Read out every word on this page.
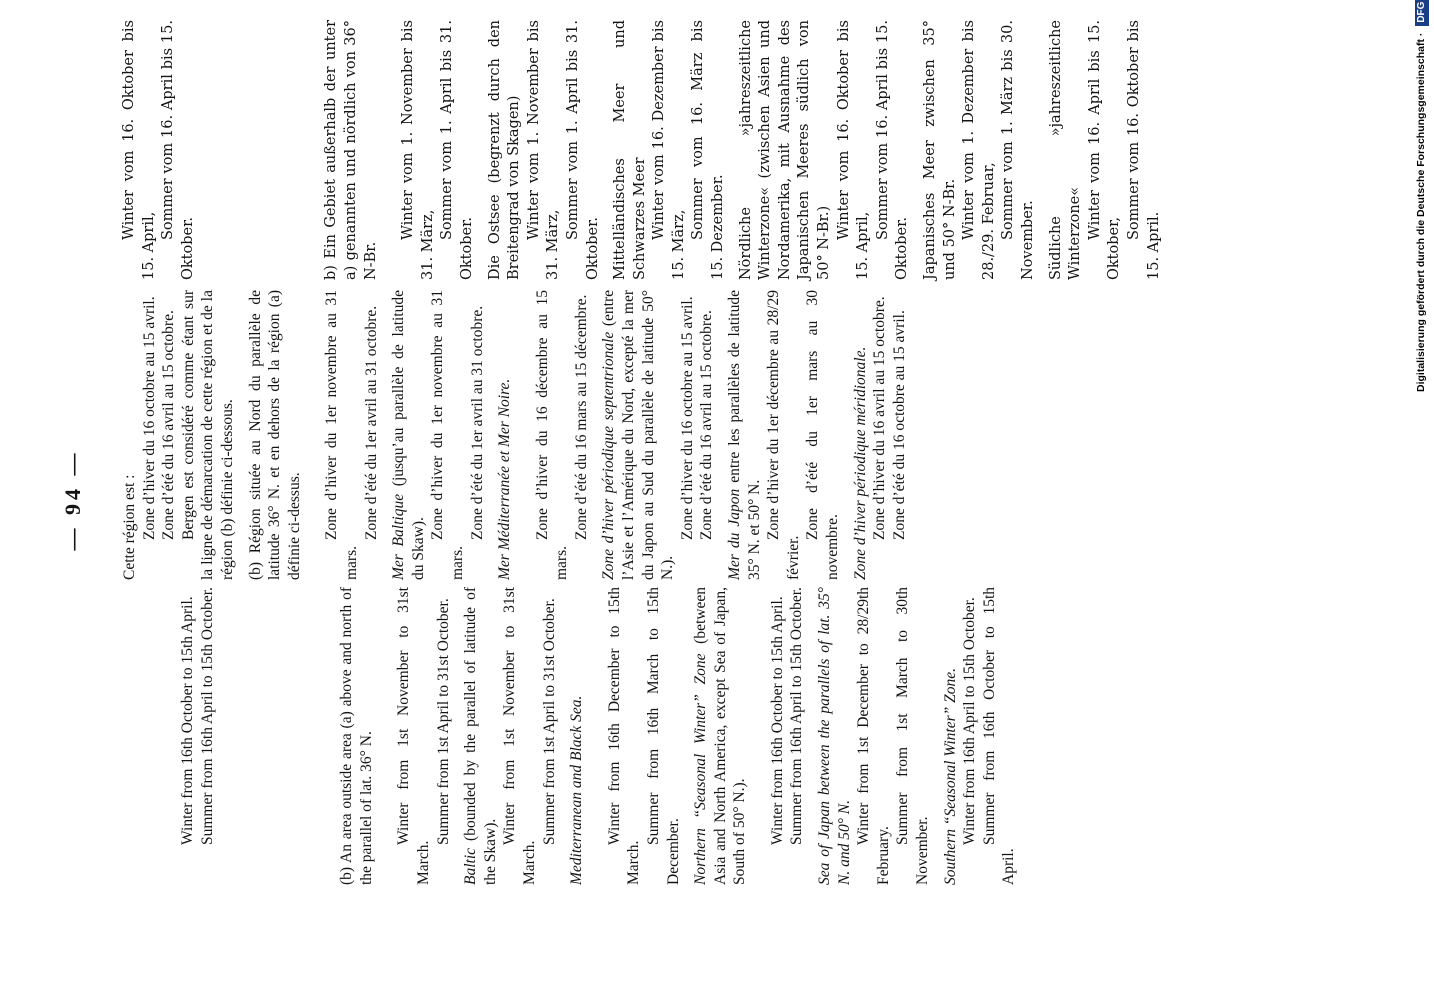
— 94 —

Winter from 16th October to 15th April. Summer from 16th April to 15th October.	(b) An area outside area (a) above and north of the parallel of lat. 36° N. Winter from 1st November to 31st March.
Summer from 1st April to 31st October.

Baltic (bounded by the parallel of latitude of the Skaw).
Winter from 1st November to 31st March.
Summer from 1st April to 31st October. Mediterranean and Black Sea. Winter from 16th December to 15th March.
Summer from 16th March to 15th December. Northern “Seasonal Winter” Zone (between Asia and North America, except Sea of Japan, South of 50° N.). Winter from 16th October to 15th April. Summer from 16th April to 15th October. Sea of Japan between the parallels of lat. 35° N. and 50° N. Winter from 1st December to 28/29th February.
Summer from 1st March to 30th November. Southern “Seasonal Winter” Zone. Winter from 16th April to 15th October. Summer from 16th October to 15th April.

Cette région est : Zone d’hiver du 16 octobre au 15 avril. Zone d’été du 16 avril au 15 octobre. Bergen est considéré comme étant sur la ligne de démarcation de cette région et de la région (b) définie ci-dessous. (b) Région située au Nord du parallèle de latitude 36° N. et en dehors de la région (a) définie ci-dessus. Zone d’hiver du 1er novembre au 31 mars.
Zone d’été du 1er avril au 31 octobre. Mer Baltique (jusqu’au parallèle de latitude du Skaw).
Zone d’hiver du 1er novembre au 31 mars.
Zone d’été du 1er avril au 31 octobre. Mer Méditerranée et Mer Noire. Zone d’hiver du 16 décembre au 15 mars.
Zone d’été du 16 mars au 15 décembre. Zone d’hiver périodique septentrionale (entre l’Asie et l’Amérique du Nord, excepté la mer du Japon au Sud du parallèle de latitude 50° N.).
Zone d’hiver du 16 octobre au 15 avril. Zone d’été du 16 avril au 15 octobre. Mer du Japon entre les parallèles de latitude 35° N. et 50° N. Zone d’hiver du 1er décembre au 28/29 février.
Zone d’été du 1er mars au 30 novembre. Zone d’hiver périodique méridionale. Zone d’hiver du 16 avril au 15 octobre. Zone d’été du 16 octobre au 15 avril.

Winter vom 16. Oktober bis 15. April,
Sommer vom 16. April bis 15. Oktober.	b) Ein Gebiet außerhalb der unter a) genannten und nördlich von 36° N-Br.
Winter vom 1. November bis 31. März,
Sommer vom 1. April bis 31. Oktober. Die Ostsee (begrenzt durch den Breitengrad von Skagen) Winter vom 1. November bis 31. März,
Sommer vom 1. April bis 31. Oktober. Mittelländisches Meer und Schwarzes Meer Winter vom 16. Dezember bis 15. März,
Sommer vom 16. März bis 15. Dezember. Nördliche »jahreszeitliche Winterzone« (zwischen Asien und Nordamerika, mit Ausnahme des Japanischen Meeres südlich von 50° N-Br.)
Winter vom 16. Oktober bis 15. April,
Sommer vom 16. April bis 15. Oktober. Japanisches Meer zwischen 35° und 50° N-Br. Winter vom 1. Dezember bis 28./29. Februar, Sommer vom 1. März bis 30. November. Südliche »jahreszeitliche Winterzone« Winter vom 16. April bis 15. Oktober,
Sommer vom 16. Oktober bis 15. April.	Digitalisierung gefördert durch die Deutsche Forschungsgemeinschaft · DFG
